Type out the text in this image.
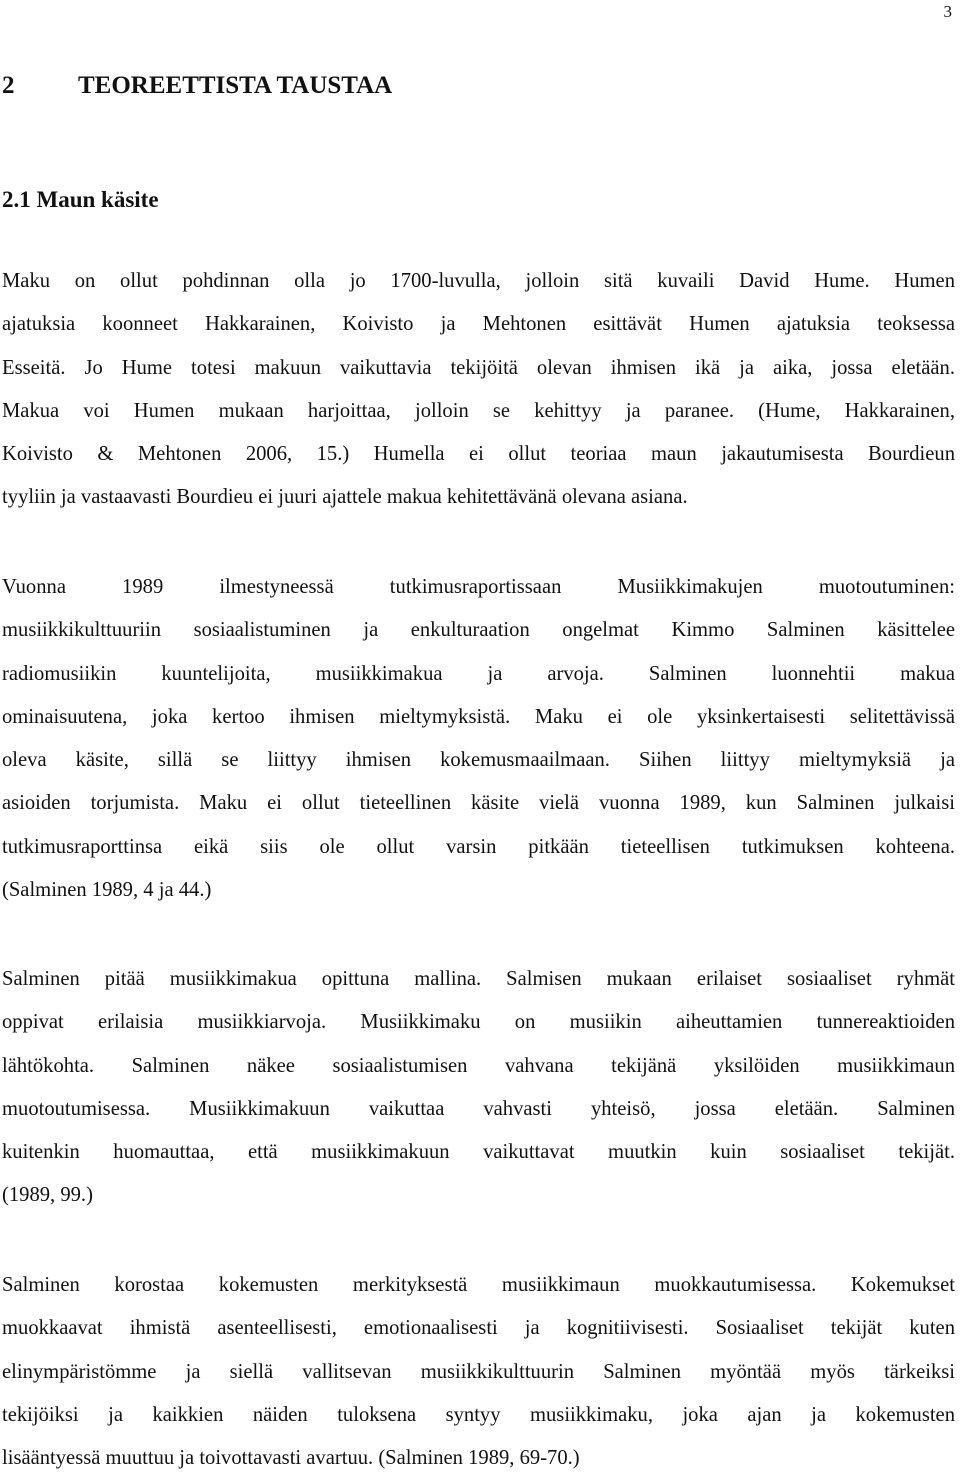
3
2	TEOREETTISTA TAUSTAA
2.1 Maun käsite
Maku on ollut pohdinnan olla jo 1700-luvulla, jolloin sitä kuvaili David Hume. Humen
ajatuksia koonneet Hakkarainen, Koivisto ja Mehtonen esittävät Humen ajatuksia teoksessa
Esseitä. Jo Hume totesi makuun vaikuttavia tekijöitä olevan ihmisen ikä ja aika, jossa eletään.
Makua voi Humen mukaan harjoittaa, jolloin se kehittyy ja paranee. (Hume, Hakkarainen,
Koivisto & Mehtonen 2006, 15.) Humella ei ollut teoriaa maun jakautumisesta Bourdieun
tyyliin ja vastaavasti Bourdieu ei juuri ajattele makua kehitettävänä olevana asiana.
Vuonna 1989 ilmestyneessä tutkimusraportissaan Musiikkimakujen muotoutuminen:
musiikkikulttuuriin sosiaalistuminen ja enkulturaation ongelmat Kimmo Salminen käsittelee
radiomusiikin kuuntelijoita, musiikkimakua ja arvoja. Salminen luonnehtii makua
ominaisuutena, joka kertoo ihmisen mieltymyksistä. Maku ei ole yksinkertaisesti selitettävissä
oleva käsite, sillä se liittyy ihmisen kokemusmaailmaan. Siihen liittyy mieltymyksiä ja
asioiden torjumista. Maku ei ollut tieteellinen käsite vielä vuonna 1989, kun Salminen julkaisi
tutkimusraporttinsa eikä siis ole ollut varsin pitkään tieteellisen tutkimuksen kohteena.
(Salminen 1989, 4 ja 44.)
Salminen pitää musiikkimakua opittuna mallina. Salmisen mukaan erilaiset sosiaaliset ryhmät
oppivat erilaisia musiikkiarvoja. Musiikkimaku on musiikin aiheuttamien tunnereaktioiden
lähtökohta. Salminen näkee sosiaalistumisen vahvana tekijänä yksilöiden musiikkimaun
muotoutumisessa. Musiikkimakuun vaikuttaa vahvasti yhteisö, jossa eletään. Salminen
kuitenkin huomauttaa, että musiikkimakuun vaikuttavat muutkin kuin sosiaaliset tekijät.
(1989, 99.)
Salminen korostaa kokemusten merkityksestä musiikkimaun muokkautumisessa. Kokemukset
muokkaavat ihmistä asenteellisesti, emotionaalisesti ja kognitiivisesti. Sosiaaliset tekijät kuten
elinympäristömme ja siellä vallitsevan musiikkikulttuurin Salminen myöntää myös tärkeiksi
tekijöiksi ja kaikkien näiden tuloksena syntyy musiikkimaku, joka ajan ja kokemusten
lisääntyessä muuttuu ja toivottavasti avartuu. (Salminen 1989, 69-70.)
